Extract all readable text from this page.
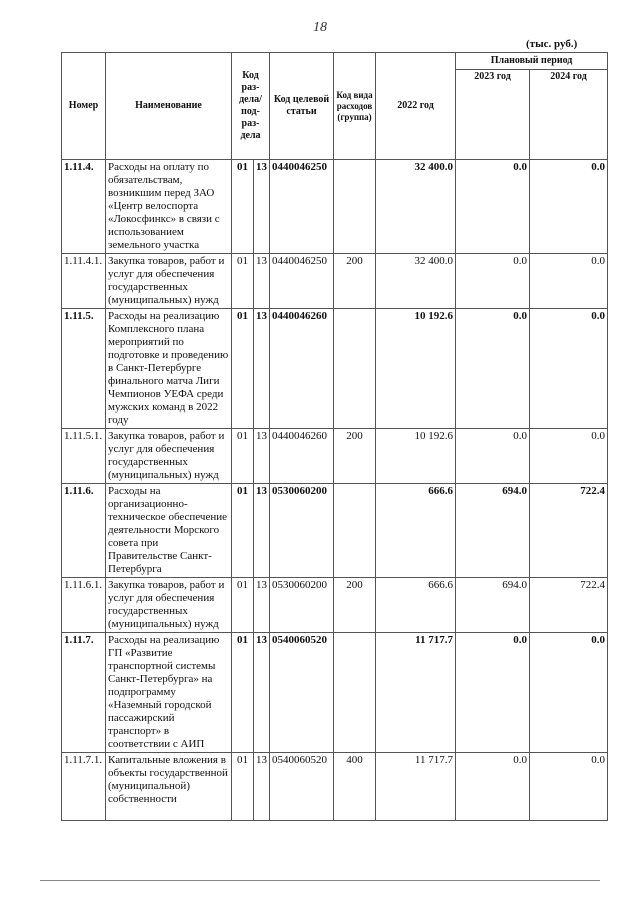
18
(тыс. руб.)
Номер	Наименование	Код раз-дела/ под-раз-дела		Код целевой статьи	Код вида расходов (группа)	2022 год	Плановый период	
							2023 год	2024 год
1.11.4.	Расходы на оплату по обязательствам, возникшим перед ЗАО «Центр велоспорта «Локосфинкс» в связи с использованием земельного участка	01	13	0440046250		32 400.0	0.0	0.0
1.11.4.1.	Закупка товаров, работ и услуг для обеспечения государственных (муниципальных) нужд	01	13	0440046250	200	32 400.0	0.0	0.0
1.11.5.	Расходы на реализацию Комплексного плана мероприятий по подготовке и проведению в Санкт-Петербурге финального матча Лиги Чемпионов УЕФА среди мужских команд в 2022 году	01	13	0440046260		10 192.6	0.0	0.0
1.11.5.1.	Закупка товаров, работ и услуг для обеспечения государственных (муниципальных) нужд	01	13	0440046260	200	10 192.6	0.0	0.0
1.11.6.	Расходы на организационно-техническое обеспечение деятельности Морского совета при Правительстве Санкт-Петербурга	01	13	0530060200		666.6	694.0	722.4
1.11.6.1.	Закупка товаров, работ и услуг для обеспечения государственных (муниципальных) нужд	01	13	0530060200	200	666.6	694.0	722.4
1.11.7.	Расходы на реализацию ГП «Развитие транспортной системы Санкт-Петербурга» на подпрограмму «Наземный городской пассажирский транспорт» в соответствии с АИП	01	13	0540060520		11 717.7	0.0	0.0
1.11.7.1.	Капитальные вложения в объекты государственной (муниципальной) собственности	01	13	0540060520	400	11 717.7	0.0	0.0
